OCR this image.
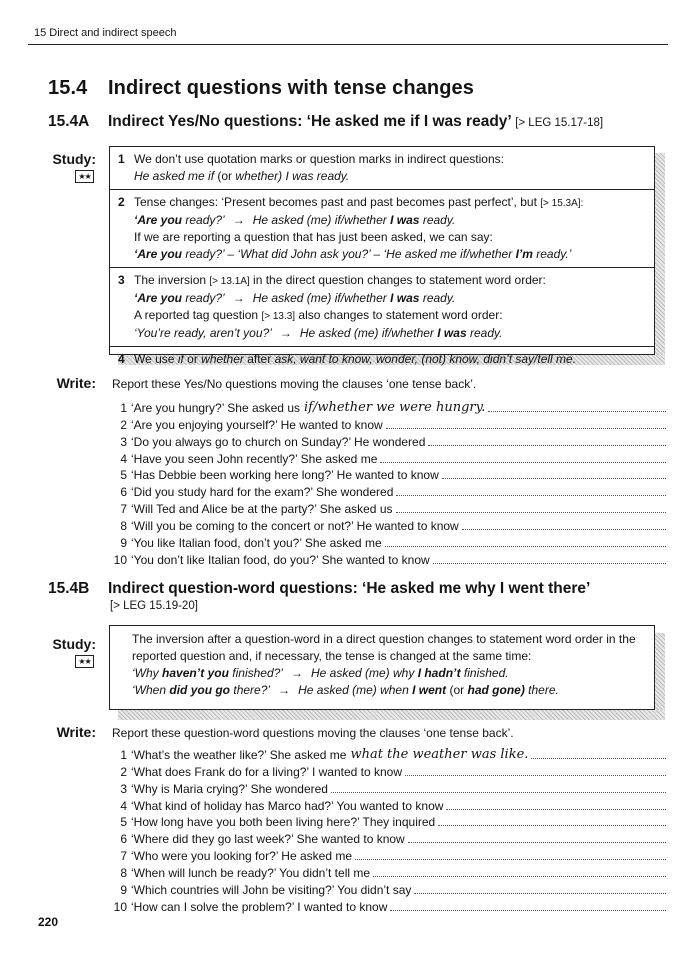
15 Direct and indirect speech
15.4 Indirect questions with tense changes
15.4A Indirect Yes/No questions: ‘He asked me if I was ready’ [> LEG 15.17-18]
Study:
★★
1 We don’t use quotation marks or question marks in indirect questions:
He asked me if (or whether) I was ready.
2 Tense changes: ‘Present becomes past and past becomes past perfect’, but [> 15.3A]:
‘Are you ready?’ → He asked (me) if/whether I was ready.
If we are reporting a question that has just been asked, we can say:
‘Are you ready?’ – ‘What did John ask you?’ – ‘He asked me if/whether I’m ready.’
3 The inversion [> 13.1A] in the direct question changes to statement word order:
‘Are you ready?’ → He asked (me) if/whether I was ready.
A reported tag question [> 13.3] also changes to statement word order:
‘You’re ready, aren’t you?’ → He asked (me) if/whether I was ready.
4 We use if or whether after ask, want to know, wonder, (not) know, didn’t say/tell me.
Write: Report these Yes/No questions moving the clauses ‘one tense back’.
1 ‘Are you hungry?’ She asked us if/whether we were hungry.
2 ‘Are you enjoying yourself?’ He wanted to know
3 ‘Do you always go to church on Sunday?’ He wondered
4 ‘Have you seen John recently?’ She asked me
5 ‘Has Debbie been working here long?’ He wanted to know
6 ‘Did you study hard for the exam?’ She wondered
7 ‘Will Ted and Alice be at the party?’ She asked us
8 ‘Will you be coming to the concert or not?’ He wanted to know
9 ‘You like Italian food, don’t you?’ She asked me
10 ‘You don’t like Italian food, do you?’ She wanted to know
15.4B Indirect question-word questions: ‘He asked me why I went there’
[> LEG 15.19-20]
Study:
★★
The inversion after a question-word in a direct question changes to statement word order in the reported question and, if necessary, the tense is changed at the same time:
‘Why haven’t you finished?’ → He asked (me) why I hadn’t finished.
‘When did you go there?’ → He asked (me) when I went (or had gone) there.
Write: Report these question-word questions moving the clauses ‘one tense back’.
1 ‘What’s the weather like?’ She asked me what the weather was like.
2 ‘What does Frank do for a living?’ I wanted to know
3 ‘Why is Maria crying?’ She wondered
4 ‘What kind of holiday has Marco had?’ You wanted to know
5 ‘How long have you both been living here?’ They inquired
6 ‘Where did they go last week?’ She wanted to know
7 ‘Who were you looking for?’ He asked me
8 ‘When will lunch be ready?’ You didn’t tell me
9 ‘Which countries will John be visiting?’ You didn’t say
10 ‘How can I solve the problem?’ I wanted to know
220
